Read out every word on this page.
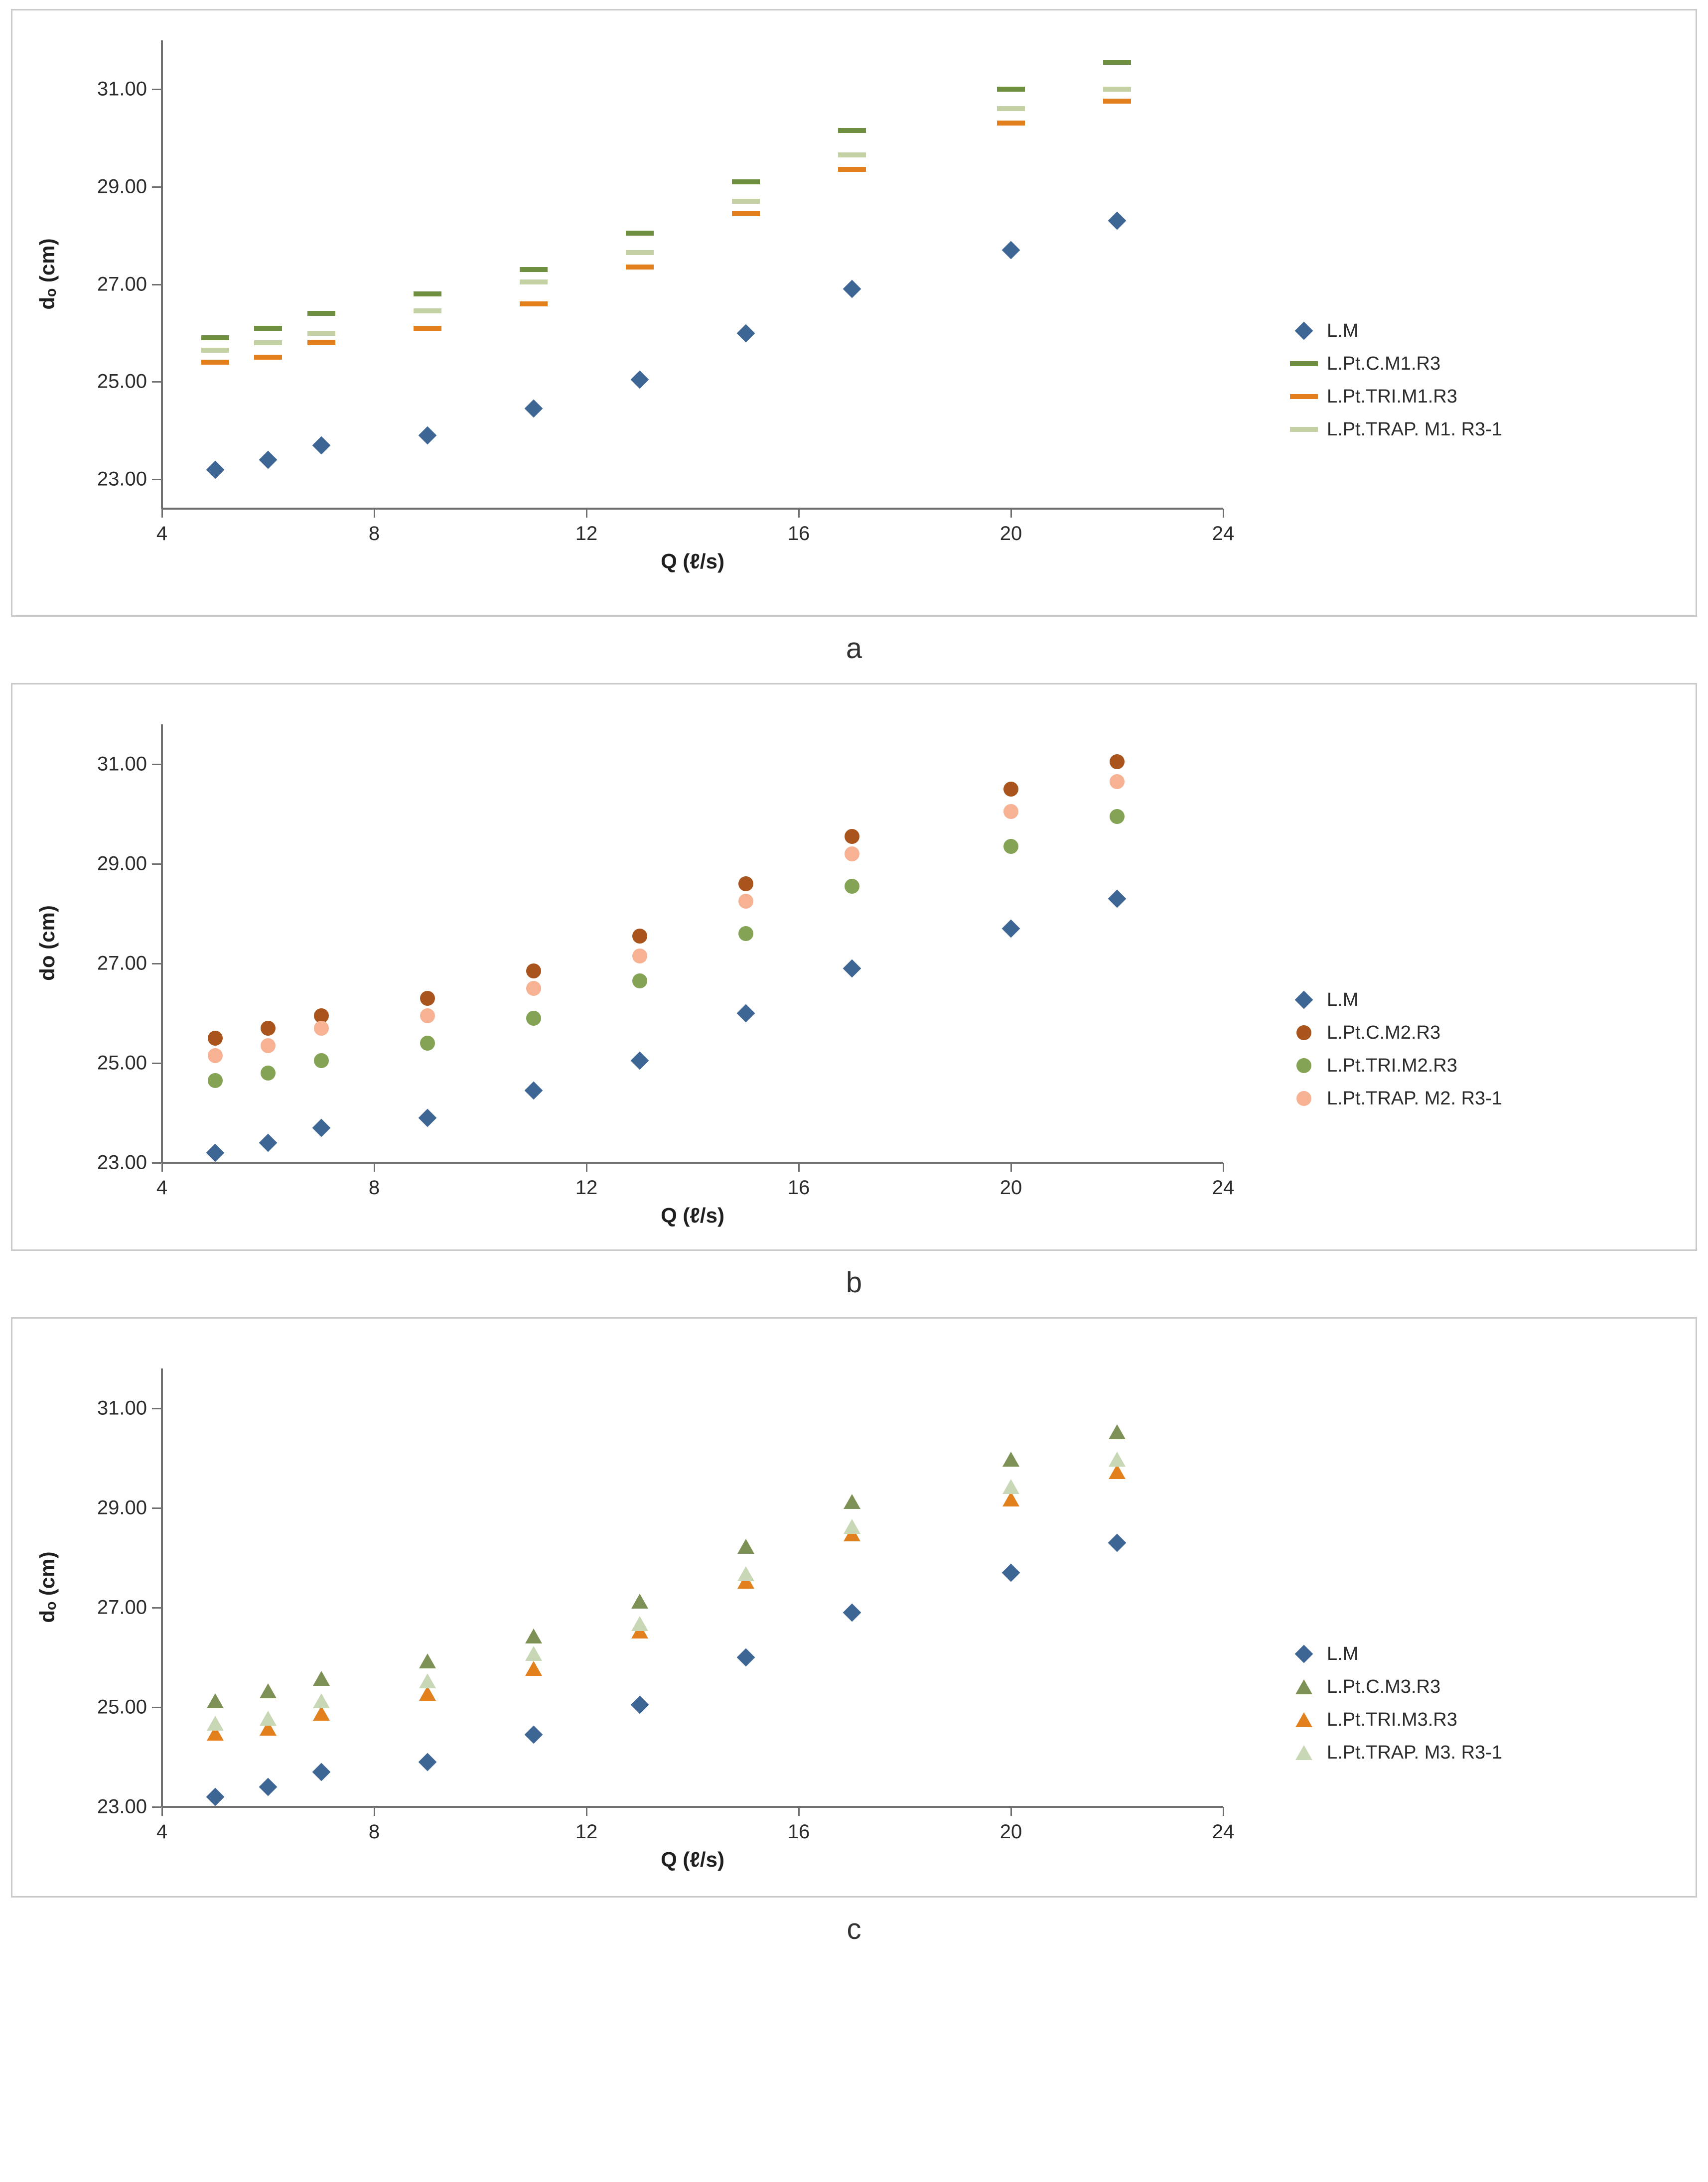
23.00
25.00
27.00
29.00
31.00
4	8	12	16	20	24
dₒ (cm)
Q (ℓ/s)
L.M
L.Pt.C.M1.R3
L.Pt.TRI.M1.R3
L.Pt.TRAP. M1. R3-1
a
23.00
25.00
27.00
29.00
31.00
4	8	12	16	20	24
do (cm)
Q (ℓ/s)
L.M
L.Pt.C.M2.R3
L.Pt.TRI.M2.R3
L.Pt.TRAP. M2. R3-1
b
23.00
25.00
27.00
29.00
31.00
4	8	12	16	20	24
dₒ (cm)
Q (ℓ/s)
L.M
L.Pt.C.M3.R3
L.Pt.TRI.M3.R3
L.Pt.TRAP. M3. R3-1
c
